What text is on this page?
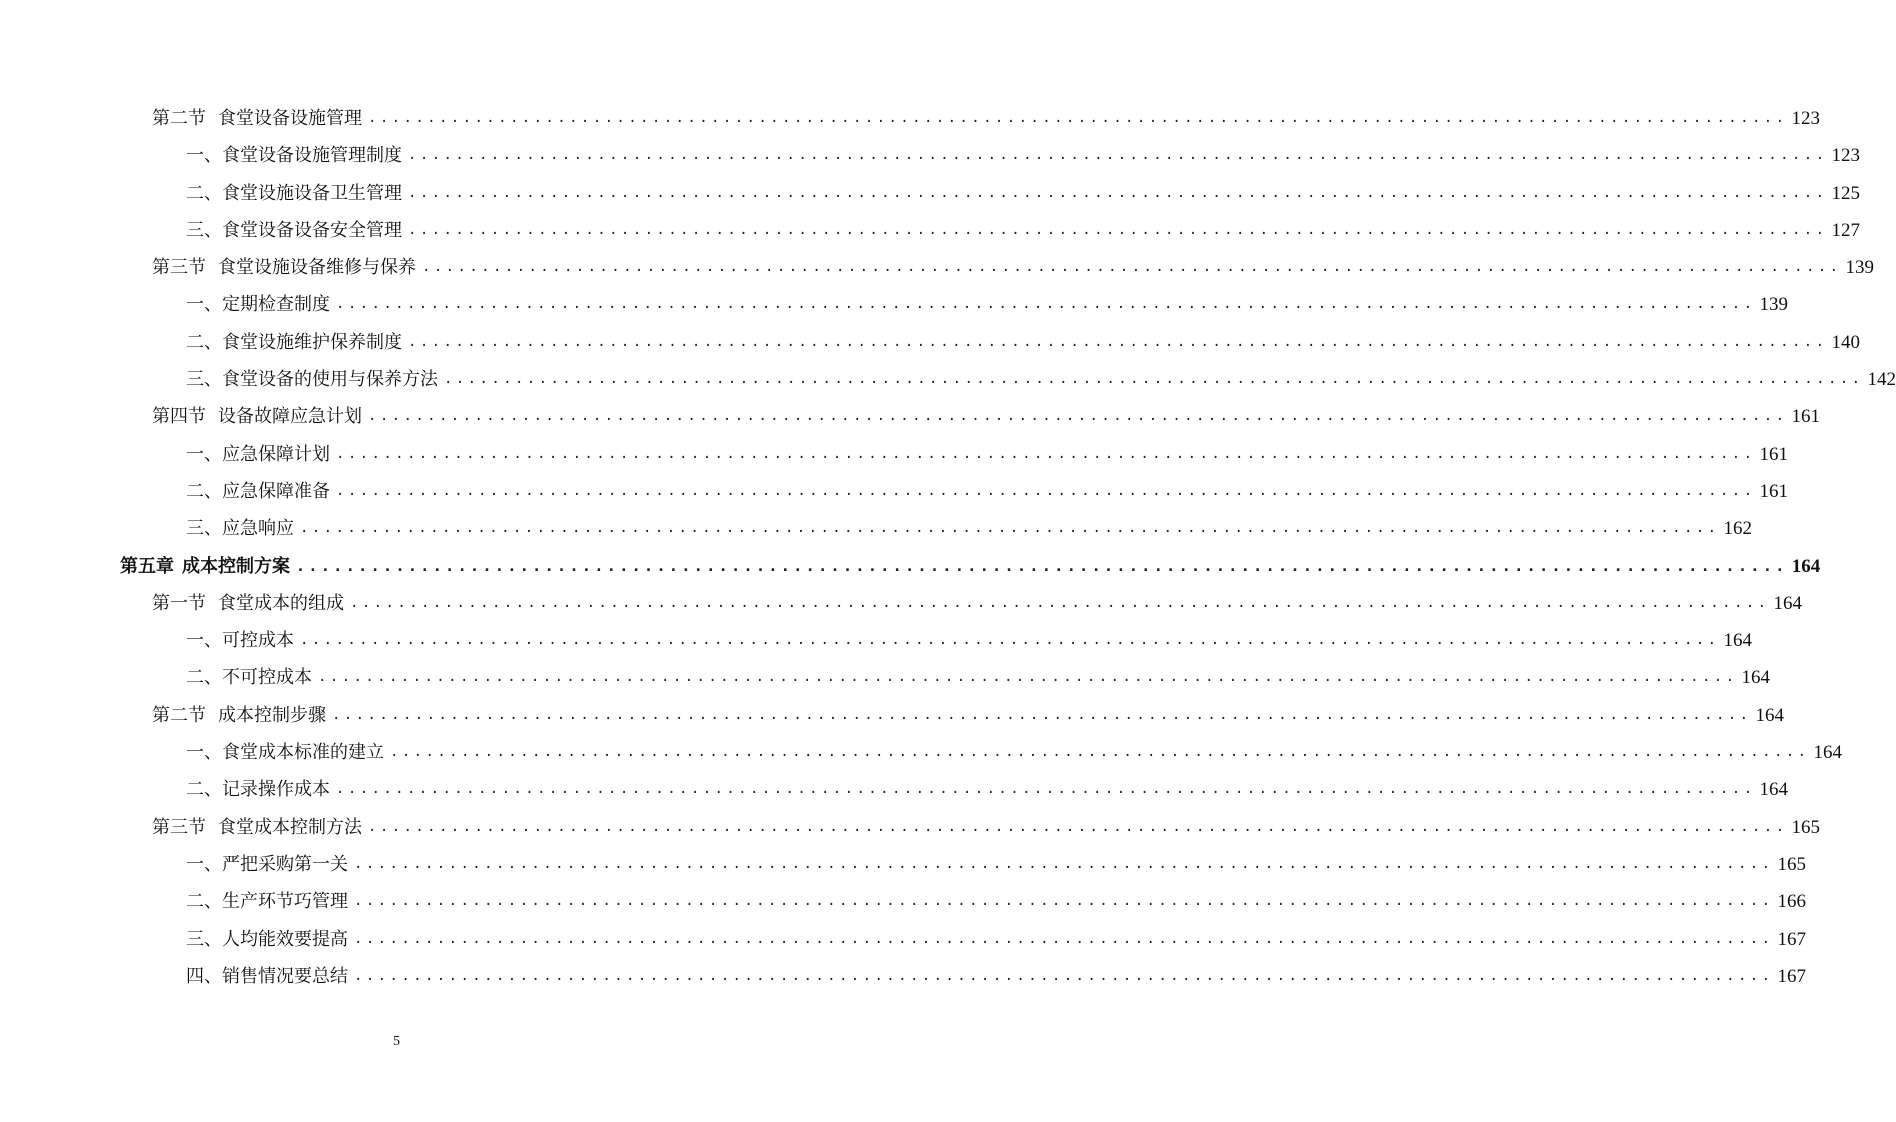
第二节 食堂设备设施管理 ........................................................................................................................ 123
一、 食堂设备设施管理制度 ........................................................................................................................ 123
二、 食堂设施设备卫生管理 ........................................................................................................................ 125
三、 食堂设备设备安全管理 ........................................................................................................................ 127
第三节 食堂设施设备维修与保养 ........................................................................................................................ 139
一、 定期检查制度 ........................................................................................................................ 139
二、 食堂设施维护保养制度 ........................................................................................................................ 140
三、 食堂设备的使用与保养方法 ........................................................................................................................ 142
第四节 设备故障应急计划 ........................................................................................................................ 161
一、 应急保障计划 ........................................................................................................................ 161
二、 应急保障准备 ........................................................................................................................ 161
三、 应急响应 ........................................................................................................................ 162
第五章 成本控制方案 ........................................................................................................................ 164
第一节 食堂成本的组成 ........................................................................................................................ 164
一、 可控成本 ........................................................................................................................ 164
二、 不可控成本 ........................................................................................................................ 164
第二节 成本控制步骤 ........................................................................................................................ 164
一、 食堂成本标准的建立 ........................................................................................................................ 164
二、 记录操作成本 ........................................................................................................................ 164
第三节 食堂成本控制方法 ........................................................................................................................ 165
一、 严把采购第一关 ........................................................................................................................ 165
二、 生产环节巧管理 ........................................................................................................................ 166
三、 人均能效要提高 ........................................................................................................................ 167
四、 销售情况要总结 ........................................................................................................................ 167
5
